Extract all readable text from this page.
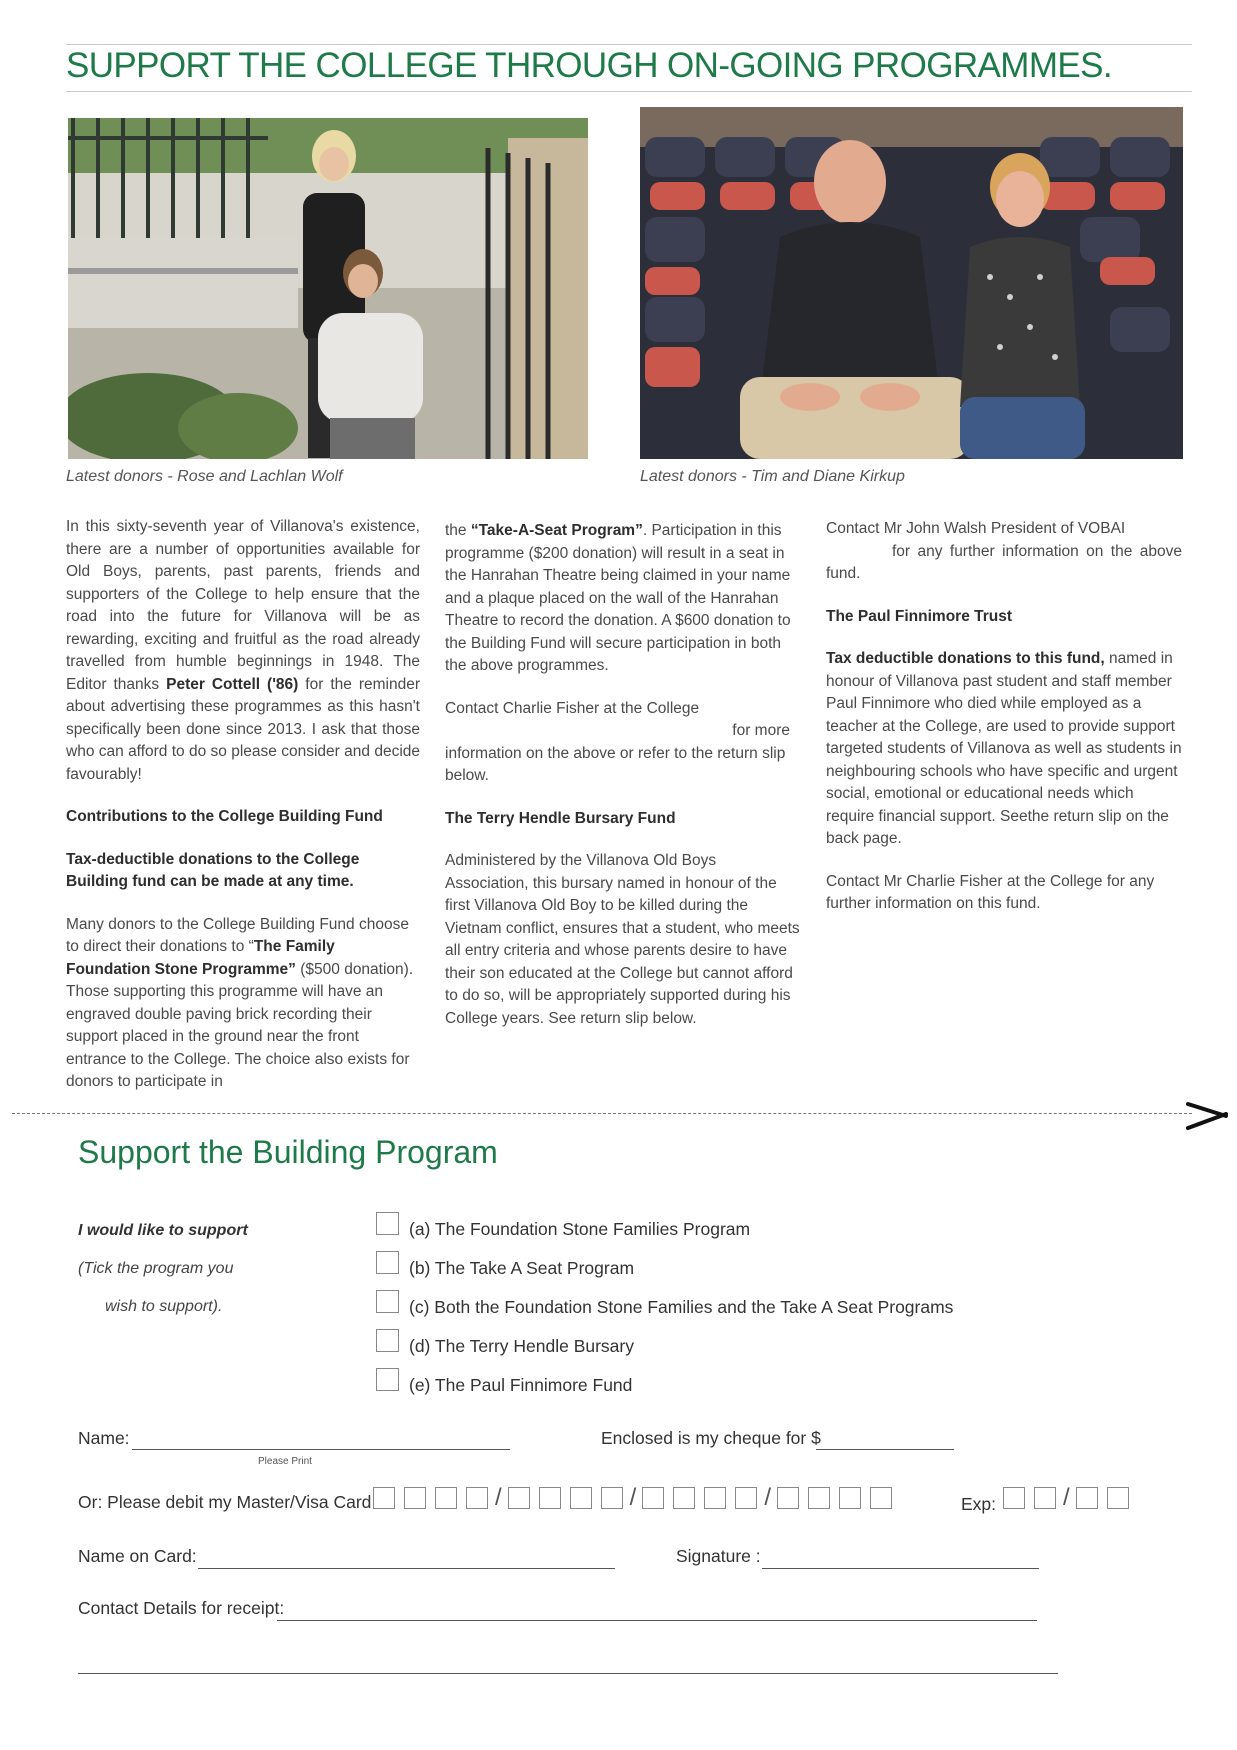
SUPPORT THE COLLEGE THROUGH ON-GOING PROGRAMMES.
Latest donors - Rose and Lachlan Wolf	Latest donors - Tim and Diane Kirkup

In this sixty-seventh year of Villanova's existence, there are a number of opportunities available for Old Boys, parents, past parents, friends and supporters of the College to help ensure that the road into the future for Villanova will be as rewarding, exciting and fruitful as the road already travelled from humble beginnings in 1948. The Editor thanks Peter Cottell ('86) for the reminder about advertising these programmes as this hasn't specifically been done since 2013. I ask that those who can afford to do so please consider and decide favourably!

Contributions to the College Building Fund

Tax-deductible donations to the College Building fund can be made at any time.

Many donors to the College Building Fund choose to direct their donations to “The Family Foundation Stone Programme” ($500 donation). Those supporting this programme will have an engraved double paving brick recording their support placed in the ground near the front entrance to the College. The choice also exists for donors to participate in

the “Take-A-Seat Program”. Participation in this programme ($200 donation) will result in a seat in the Hanrahan Theatre being claimed in your name and a plaque placed on the wall of the Hanrahan Theatre to record the donation. A $600 donation to the Building Fund will secure participation in both the above programmes.

Contact Charlie Fisher at the College

for more
information on the above or refer to the return slip below.

The Terry Hendle Bursary Fund

Administered by the Villanova Old Boys Association, this bursary named in honour of the first Villanova Old Boy to be killed during the Vietnam conflict, ensures that a student, who meets all entry criteria and whose parents desire to have their son educated at the College but cannot afford to do so, will be appropriately supported during his College years. See return slip below.

Contact Mr John Walsh President of VOBAI

for any further information on the above fund.

The Paul Finnimore Trust

Tax deductible donations to this fund, named in honour of Villanova past student and staff member Paul Finnimore who died while employed as a teacher at the College, are used to provide support targeted students of Villanova as well as students in neighbouring schools who have specific and urgent social, emotional or educational needs which require financial support. Seethe return slip on the back page.

Contact Mr Charlie Fisher at the College for any further information on this fund.

Support the Building Program
I would like to support
(Tick the program you
wish to support).
(a) The Foundation Stone Families Program
(b) The Take A Seat Program
(c) Both the Foundation Stone Families and the Take A Seat Programs
(d) The Terry Hendle Bursary
(e) The Paul Finnimore Fund
Name:
Please Print
Enclosed is my cheque for $
Or: Please debit my Master/Visa Card	/	/	/	Exp:	/
Name on Card:	Signature :
Contact Details for receipt:
